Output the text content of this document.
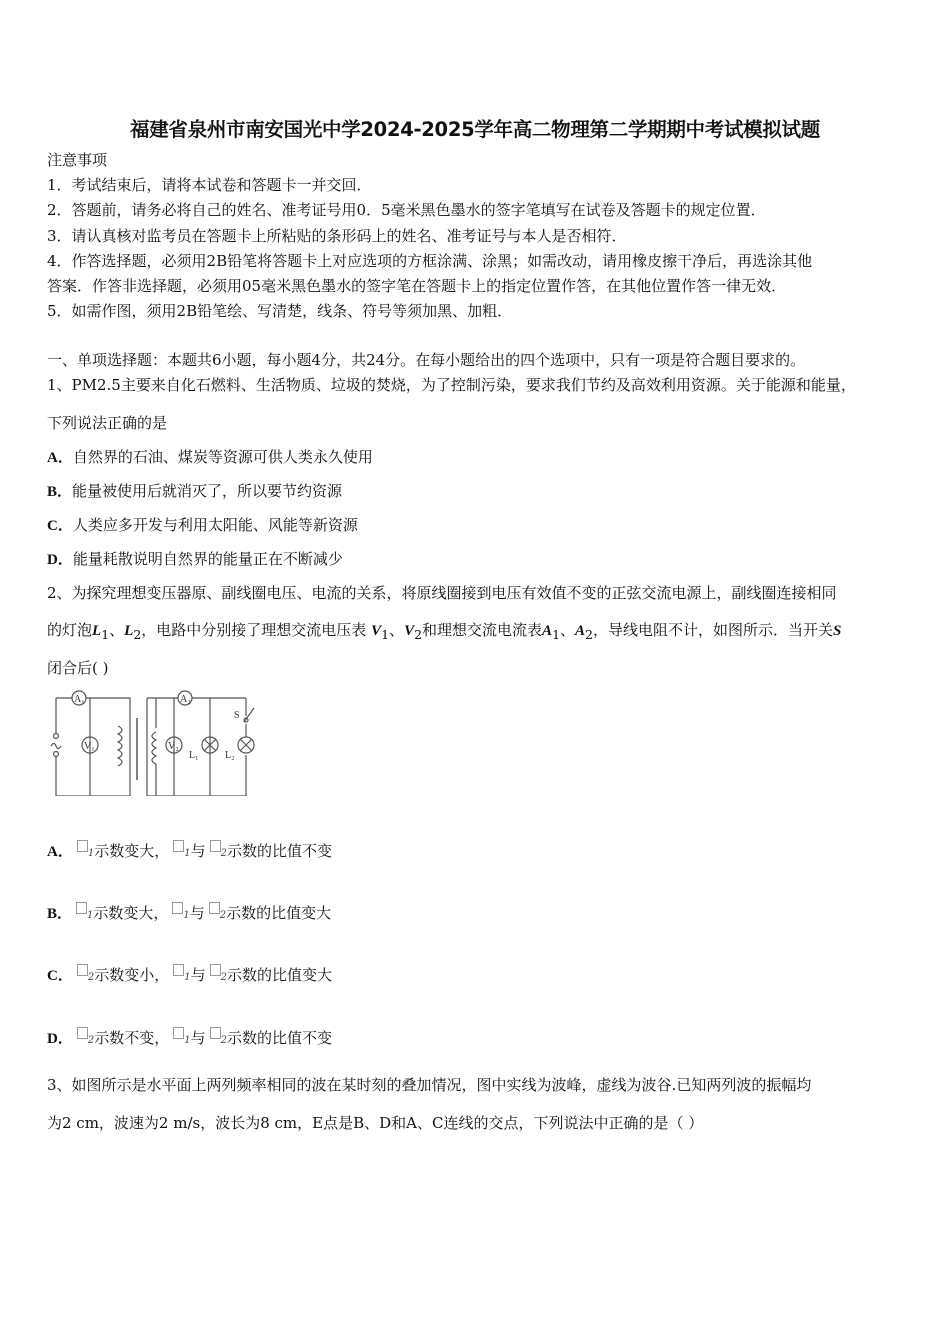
福建省泉州市南安国光中学2024-2025学年高二物理第二学期期中考试模拟试题
注意事项
1．考试结束后，请将本试卷和答题卡一并交回．
2．答题前，请务必将自己的姓名、准考证号用0．5毫米黑色墨水的签字笔填写在试卷及答题卡的规定位置．
3．请认真核对监考员在答题卡上所粘贴的条形码上的姓名、准考证号与本人是否相符．
4．作答选择题，必须用2B铅笔将答题卡上对应选项的方框涂满、涂黑；如需改动，请用橡皮擦干净后，再选涂其他
答案．作答非选择题，必须用05毫米黑色墨水的签字笔在答题卡上的指定位置作答，在其他位置作答一律无效．
5．如需作图，须用2B铅笔绘、写清楚，线条、符号等须加黑、加粗．
一、单项选择题：本题共6小题，每小题4分，共24分。在每小题给出的四个选项中，只有一项是符合题目要求的。
1、PM2.5主要来自化石燃料、生活物质、垃圾的焚烧，为了控制污染，要求我们节约及高效利用资源。关于能源和能量，
下列说法正确的是
A．自然界的石油、煤炭等资源可供人类永久使用
B．能量被使用后就消灭了，所以要节约资源
C．人类应多开发与利用太阳能、风能等新资源
D．能量耗散说明自然界的能量正在不断减少
2、为探究理想变压器原、副线圈电压、电流的关系，将原线圈接到电压有效值不变的正弦交流电源上，副线圈连接相同
的灯泡$L_1$、$L_2$，电路中分别接了理想交流电压表 $V_1$、$V_2$和理想交流电流表$A_1$、$A_2$，导线电阻不计，如图所示．当开关S
闭合后( )
A₁
V₁
A₂
V₂
L₁	L₂
S
A． 1示数变大， 1与 2示数的比值不变
B． 1示数变大， 1与 2示数的比值变大
C． 2示数变小， 1与 2示数的比值变大
D． 2示数不变， 1与 2示数的比值不变
3、如图所示是水平面上两列频率相同的波在某时刻的叠加情况，图中实线为波峰，虚线为波谷.已知两列波的振幅均
为2 cm，波速为2 m/s，波长为8 cm，E点是B、D和A、C连线的交点，下列说法中正确的是（ ）
